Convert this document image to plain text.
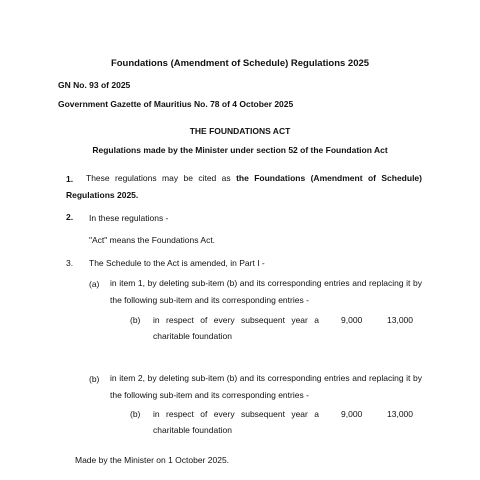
Foundations (Amendment of Schedule) Regulations 2025
GN No. 93 of 2025
Government Gazette of Mauritius No. 78 of 4 October 2025
THE FOUNDATIONS ACT
Regulations made by the Minister under section 52 of the Foundation Act
1.	These regulations may be cited as the Foundations (Amendment of Schedule) Regulations 2025.
2. In these regulations -
"Act" means the Foundations Act.
3. The Schedule to the Act is amended, in Part I -
(a) in item 1, by deleting sub-item (b) and its corresponding entries and replacing it by the following sub-item and its corresponding entries -
(b) in respect of every subsequent year a
charitable foundation
9,000	13,000
(b) in item 2, by deleting sub-item (b) and its corresponding entries and replacing it by the following sub-item and its corresponding entries -
(b) in respect of every subsequent year a
charitable foundation
9,000	13,000
Made by the Minister on 1 October 2025.
